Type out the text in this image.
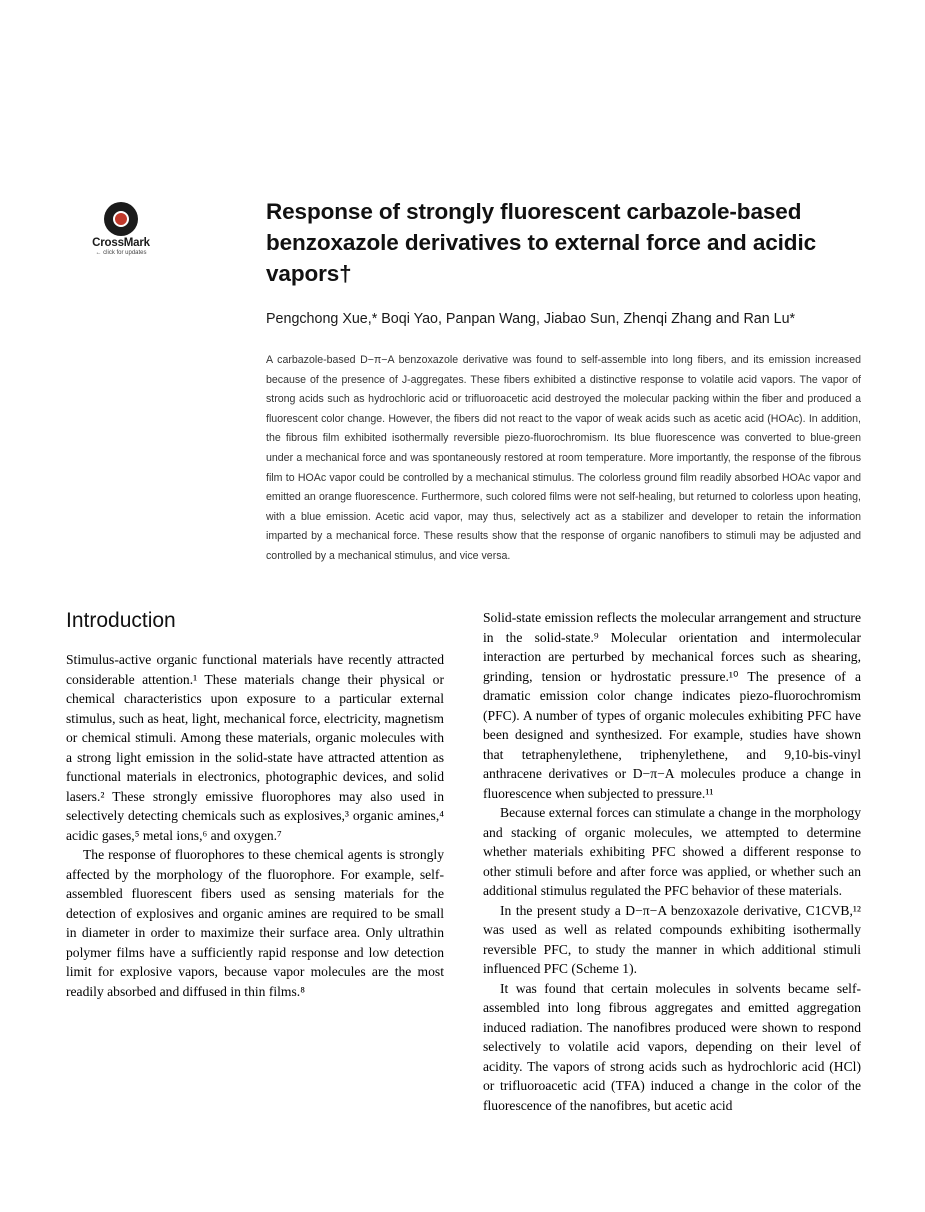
CrossMark
← click for updates
Response of strongly fluorescent carbazole-based benzoxazole derivatives to external force and acidic vapors†
Pengchong Xue,* Boqi Yao, Panpan Wang, Jiabao Sun, Zhenqi Zhang and Ran Lu*
A carbazole-based D−π−A benzoxazole derivative was found to self-assemble into long fibers, and its emission increased because of the presence of J-aggregates. These fibers exhibited a distinctive response to volatile acid vapors. The vapor of strong acids such as hydrochloric acid or trifluoroacetic acid destroyed the molecular packing within the fiber and produced a fluorescent color change. However, the fibers did not react to the vapor of weak acids such as acetic acid (HOAc). In addition, the fibrous film exhibited isothermally reversible piezo-fluorochromism. Its blue fluorescence was converted to blue-green under a mechanical force and was spontaneously restored at room temperature. More importantly, the response of the fibrous film to HOAc vapor could be controlled by a mechanical stimulus. The colorless ground film readily absorbed HOAc vapor and emitted an orange fluorescence. Furthermore, such colored films were not self-healing, but returned to colorless upon heating, with a blue emission. Acetic acid vapor, may thus, selectively act as a stabilizer and developer to retain the information imparted by a mechanical force. These results show that the response of organic nanofibers to stimuli may be adjusted and controlled by a mechanical stimulus, and vice versa.
Introduction

Stimulus-active organic functional materials have recently attracted considerable attention.¹ These materials change their physical or chemical characteristics upon exposure to a particular external stimulus, such as heat, light, mechanical force, electricity, magnetism or chemical stimuli. Among these materials, organic molecules with a strong light emission in the solid-state have attracted attention as functional materials in electronics, photographic devices, and solid lasers.² These strongly emissive fluorophores may also used in selectively detecting chemicals such as explosives,³ organic amines,⁴ acidic gases,⁵ metal ions,⁶ and oxygen.⁷

The response of fluorophores to these chemical agents is strongly affected by the morphology of the fluorophore. For example, self-assembled fluorescent fibers used as sensing materials for the detection of explosives and organic amines are required to be small in diameter in order to maximize their surface area. Only ultrathin polymer films have a sufficiently rapid response and low detection limit for explosive vapors, because vapor molecules are the most readily absorbed and diffused in thin films.⁸

Solid-state emission reflects the molecular arrangement and structure in the solid-state.⁹ Molecular orientation and intermolecular interaction are perturbed by mechanical forces such as shearing, grinding, tension or hydrostatic pressure.¹⁰ The presence of a dramatic emission color change indicates piezo-fluorochromism (PFC). A number of types of organic molecules exhibiting PFC have been designed and synthesized. For example, studies have shown that tetraphenylethene, triphenylethene, and 9,10-bis-vinyl anthracene derivatives or D−π−A molecules produce a change in fluorescence when subjected to pressure.¹¹

Because external forces can stimulate a change in the morphology and stacking of organic molecules, we attempted to determine whether materials exhibiting PFC showed a different response to other stimuli before and after force was applied, or whether such an additional stimulus regulated the PFC behavior of these materials.

In the present study a D−π−A benzoxazole derivative, C1CVB,¹² was used as well as related compounds exhibiting isothermally reversible PFC, to study the manner in which additional stimuli influenced PFC (Scheme 1).

It was found that certain molecules in solvents became self-assembled into long fibrous aggregates and emitted aggregation induced radiation. The nanofibres produced were shown to respond selectively to volatile acid vapors, depending on their level of acidity. The vapors of strong acids such as hydrochloric acid (HCl) or trifluoroacetic acid (TFA) induced a change in the color of the fluorescence of the nanofibres, but acetic acid
